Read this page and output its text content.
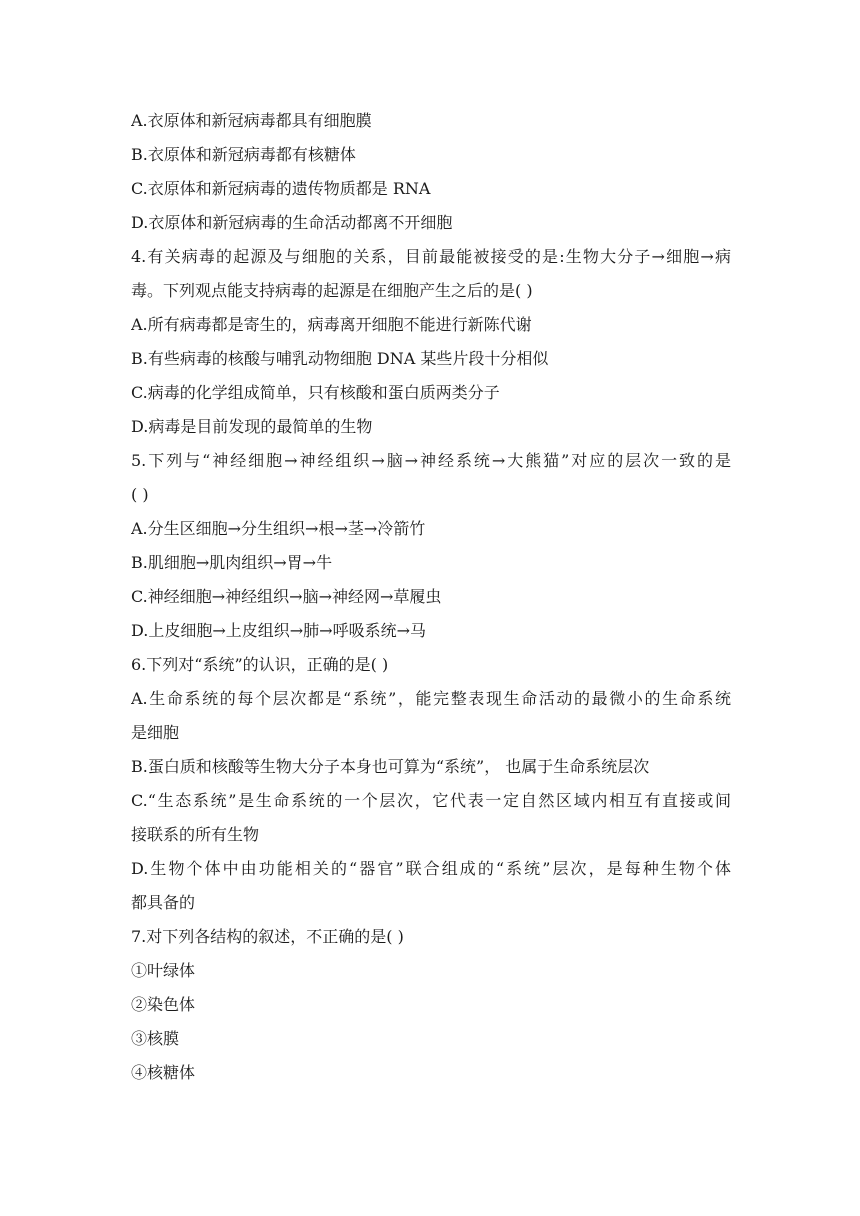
A.衣原体和新冠病毒都具有细胞膜
B.衣原体和新冠病毒都有核糖体
C.衣原体和新冠病毒的遗传物质都是 RNA
D.衣原体和新冠病毒的生命活动都离不开细胞
4.有关病毒的起源及与细胞的关系，目前最能被接受的是:生物大分子→细胞→病
毒。下列观点能支持病毒的起源是在细胞产生之后的是( )
A.所有病毒都是寄生的，病毒离开细胞不能进行新陈代谢
B.有些病毒的核酸与哺乳动物细胞 DNA 某些片段十分相似
C.病毒的化学组成简单，只有核酸和蛋白质两类分子
D.病毒是目前发现的最简单的生物
5.下列与“神经细胞→神经组织→脑→神经系统→大熊猫”对应的层次一致的是
( )
A.分生区细胞→分生组织→根→茎→冷箭竹
B.肌细胞→肌肉组织→胃→牛
C.神经细胞→神经组织→脑→神经网→草履虫
D.上皮细胞→上皮组织→肺→呼吸系统→马
6.下列对“系统”的认识，正确的是( )
A.生命系统的每个层次都是“系统”，能完整表现生命活动的最微小的生命系统
是细胞
B.蛋白质和核酸等生物大分子本身也可算为“系统”， 也属于生命系统层次
C.“生态系统”是生命系统的一个层次，它代表一定自然区域内相互有直接或间
接联系的所有生物
D.生物个体中由功能相关的“器官”联合组成的“系统”层次，是每种生物个体
都具备的
7.对下列各结构的叙述，不正确的是( )
①叶绿体
②染色体
③核膜
④核糖体
